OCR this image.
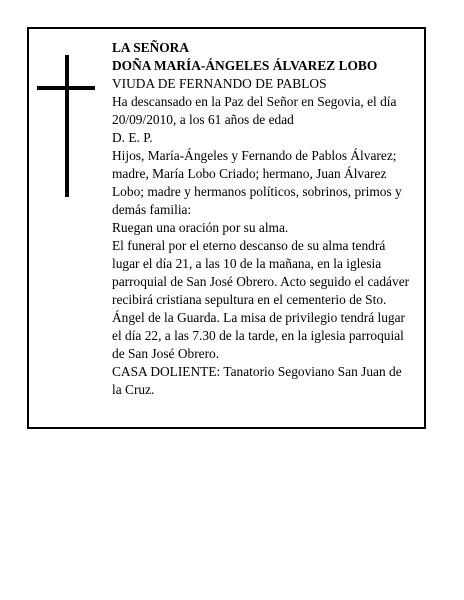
LA SEÑORA
DOÑA MARÍA-ÁNGELES ÁLVAREZ LOBO
VIUDA DE FERNANDO DE PABLOS
Ha descansado en la Paz del Señor en Segovia, el día
20/09/2010, a los 61 años de edad
D. E. P.
Hijos, María-Ángeles y Fernando de Pablos Álvarez; madre, María Lobo Criado; hermano, Juan Álvarez Lobo; madre y hermanos políticos, sobrinos, primos y demás familia:
Ruegan una oración por su alma.
El funeral por el eterno descanso de su alma tendrá lugar el día 21, a las 10 de la mañana, en la iglesia parroquial de San José Obrero. Acto seguido el cadáver recibirá cristiana sepultura en el cementerio de Sto. Ángel de la Guarda. La misa de privilegio tendrá lugar el día 22, a las 7.30 de la tarde, en la iglesia parroquial de San José Obrero.
CASA DOLIENTE: Tanatorio Segoviano San Juan de la Cruz.
